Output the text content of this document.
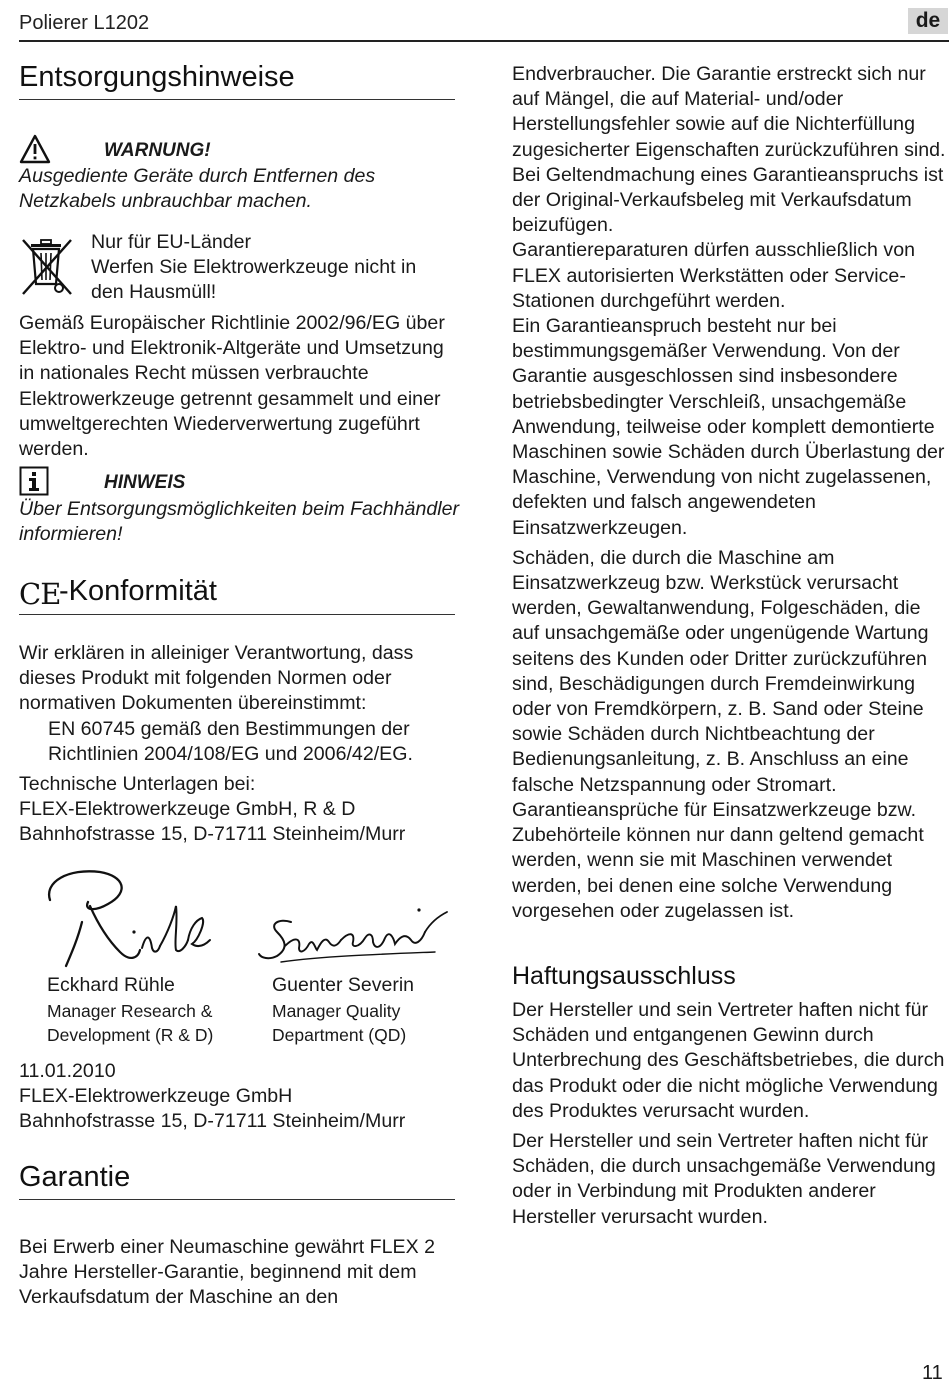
Polierer L1202	de
Entsorgungshinweise
WARNUNG!

Ausgediente Geräte durch Entfernen des Netzkabels unbrauchbar machen.

Nur für EU-Länder
Werfen Sie Elektrowerkzeuge nicht in
den Hausmüll!

Gemäß Europäischer Richtlinie 2002/96/EG über Elektro- und Elektronik-Altgeräte und Umsetzung in nationales Recht müssen verbrauchte Elektrowerkzeuge getrennt gesammelt und einer umweltgerechten Wiederverwertung zugeführt werden.

HINWEIS

Über Entsorgungsmöglichkeiten beim Fachhändler informieren!

CE
-Konformität

Wir erklären in alleiniger Verantwortung, dass dieses Produkt mit folgenden Normen oder normativen Dokumenten übereinstimmt:

EN 60745 gemäß den Bestimmungen der Richtlinien 2004/108/EG und 2006/42/EG.

Technische Unterlagen bei:
FLEX-Elektrowerkzeuge GmbH, R & D
Bahnhofstrasse 15, D-71711 Steinheim/Murr
Eckhard Rühle
Manager Research &
Development (R & D)
Guenter Severin
Manager Quality
Department (QD)
11.01.2010
FLEX-Elektrowerkzeuge GmbH
Bahnhofstrasse 15, D-71711 Steinheim/Murr
Garantie

Bei Erwerb einer Neumaschine gewährt FLEX 2 Jahre Hersteller-Garantie, beginnend mit dem Verkaufsdatum der Maschine an den

Endverbraucher. Die Garantie erstreckt sich nur auf Mängel, die auf Material- und/oder Herstellungsfehler sowie auf die Nichterfüllung zugesicherter Eigenschaften zurückzuführen sind. Bei Geltendmachung eines Garantieanspruchs ist der Original-Verkaufsbeleg mit Verkaufsdatum beizufügen.

Garantiereparaturen dürfen ausschließlich von FLEX autorisierten Werkstätten oder Service-Stationen durchgeführt werden.

Ein Garantieanspruch besteht nur bei bestimmungsgemäßer Verwendung. Von der Garantie ausgeschlossen sind insbesondere betriebsbedingter Verschleiß, unsachgemäße Anwendung, teilweise oder komplett demontierte Maschinen sowie Schäden durch Überlastung der Maschine, Verwendung von nicht zugelassenen, defekten und falsch angewendeten Einsatzwerkzeugen.

Schäden, die durch die Maschine am Einsatzwerkzeug bzw. Werkstück verursacht werden, Gewaltanwendung, Folgeschäden, die auf unsachgemäße oder ungenügende Wartung seitens des Kunden oder Dritter zurückzuführen sind, Beschädigungen durch Fremdeinwirkung oder von Fremdkörpern, z. B. Sand oder Steine sowie Schäden durch Nichtbeachtung der Bedienungsanleitung, z. B. Anschluss an eine falsche Netzspannung oder Stromart. Garantieansprüche für Einsatzwerkzeuge bzw. Zubehörteile können nur dann geltend gemacht werden, wenn sie mit Maschinen verwendet werden, bei denen eine solche Verwendung vorgesehen oder zugelassen ist.

Haftungsausschluss

Der Hersteller und sein Vertreter haften nicht für Schäden und entgangenen Gewinn durch Unterbrechung des Geschäftsbetriebes, die durch das Produkt oder die nicht mögliche Verwendung des Produktes verursacht wurden.

Der Hersteller und sein Vertreter haften nicht für Schäden, die durch unsachgemäße Verwendung oder in Verbindung mit Produkten anderer Hersteller verursacht wurden.

11
